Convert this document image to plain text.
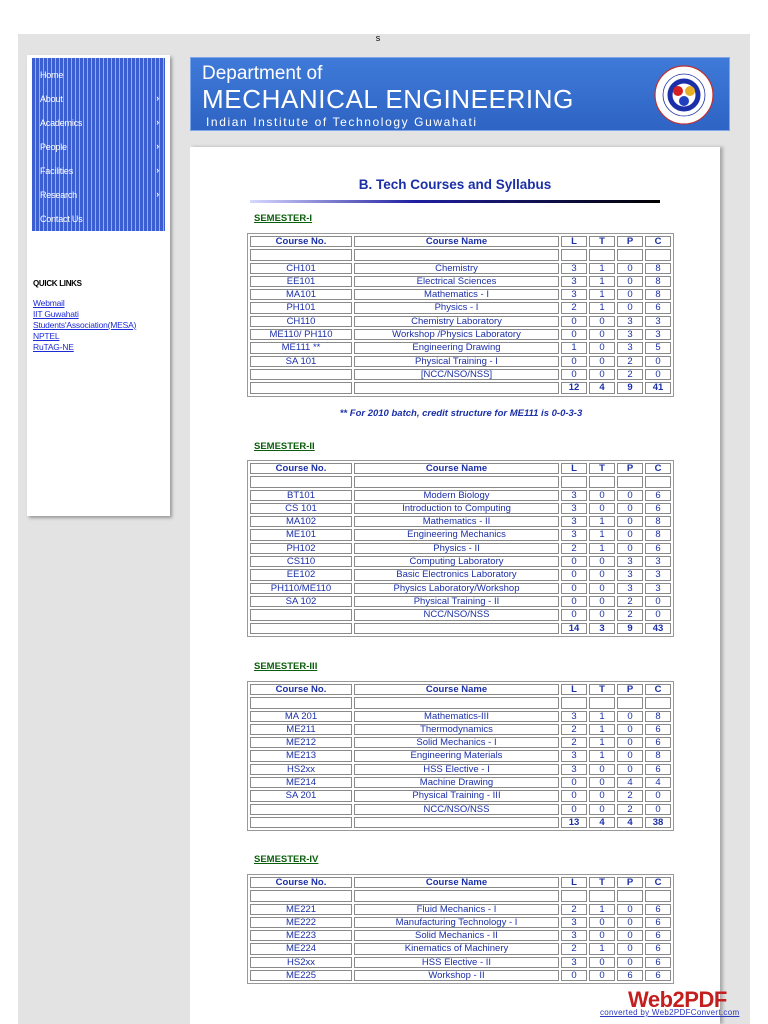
s
Home
About	›
Academics	›
People	›
Facilities	›
Research	›
Contact Us
QUICK LINKS
Webmail
IIT Guwahati
Students'Association(MESA)
NPTEL
RuTAG-NE
Department of
MECHANICAL ENGINEERING
Indian Institute of Technology Guwahati
B. Tech Courses and Syllabus
SEMESTER-I
Course No.	Course Name	L	T	P	C

CH101	Chemistry	3	1	0	8
EE101	Electrical Sciences	3	1	0	8
MA101	Mathematics - I	3	1	0	8
PH101	Physics - I	2	1	0	6
CH110	Chemistry Laboratory	0	0	3	3
ME110/ PH110	Workshop /Physics Laboratory	0	0	3	3
ME111 **	Engineering Drawing	1	0	3	5
SA 101	Physical Training - I	0	0	2	0
	[NCC/NSO/NSS]	0	0	2	0
		12	4	9	41
** For 2010 batch, credit structure for ME111 is 0-0-3-3
SEMESTER-II
Course No.	Course Name	L	T	P	C

BT101	Modern Biology	3	0	0	6
CS 101	Introduction to Computing	3	0	0	6
MA102	Mathematics - II	3	1	0	8
ME101	Engineering Mechanics	3	1	0	8
PH102	Physics - II	2	1	0	6
CS110	Computing Laboratory	0	0	3	3
EE102	Basic Electronics Laboratory	0	0	3	3
PH110/ME110	Physics Laboratory/Workshop	0	0	3	3
SA 102	Physical Training - II	0	0	2	0
	NCC/NSO/NSS	0	0	2	0
		14	3	9	43
SEMESTER-III
Course No.	Course Name	L	T	P	C

MA 201	Mathematics-III	3	1	0	8
ME211	Thermodynamics	2	1	0	6
ME212	Solid Mechanics - I	2	1	0	6
ME213	Engineering Materials	3	1	0	8
HS2xx	HSS Elective - I	3	0	0	6
ME214	Machine Drawing	0	0	4	4
SA 201	Physical Training - III	0	0	2	0
	NCC/NSO/NSS	0	0	2	0
		13	4	4	38
SEMESTER-IV
Course No.	Course Name	L	T	P	C

ME221	Fluid Mechanics - I	2	1	0	6
ME222	Manufacturing Technology - I	3	0	0	6
ME223	Solid Mechanics - II	3	0	0	6
ME224	Kinematics of Machinery	2	1	0	6
HS2xx	HSS Elective - II	3	0	0	6
ME225	Workshop - II	0	0	6	6
Web2PDF
converted by Web2PDFConvert.com
